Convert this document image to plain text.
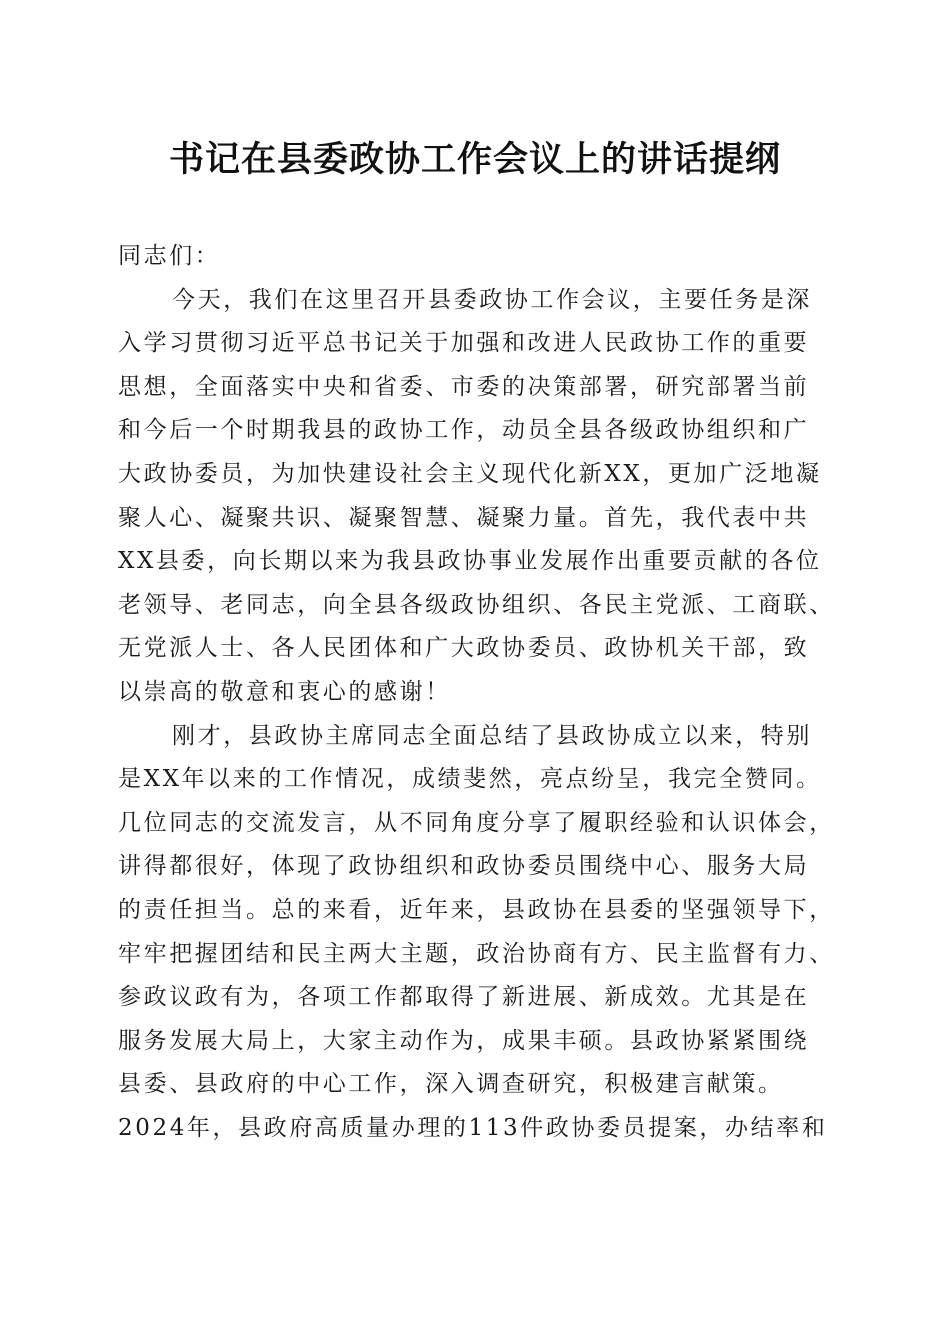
书记在县委政协工作会议上的讲话提纲
同志们：
今天，我们在这里召开县委政协工作会议，主要任务是深
入学习贯彻习近平总书记关于加强和改进人民政协工作的重要
思想，全面落实中央和省委、市委的决策部署，研究部署当前
和今后一个时期我县的政协工作，动员全县各级政协组织和广
大政协委员，为加快建设社会主义现代化新XX，更加广泛地凝
聚人心、凝聚共识、凝聚智慧、凝聚力量。首先，我代表中共
XX县委，向长期以来为我县政协事业发展作出重要贡献的各位
老领导、老同志，向全县各级政协组织、各民主党派、工商联、
无党派人士、各人民团体和广大政协委员、政协机关干部，致
以崇高的敬意和衷心的感谢！
刚才，县政协主席同志全面总结了县政协成立以来，特别
是XX年以来的工作情况，成绩斐然，亮点纷呈，我完全赞同。
几位同志的交流发言，从不同角度分享了履职经验和认识体会，
讲得都很好，体现了政协组织和政协委员围绕中心、服务大局
的责任担当。总的来看，近年来，县政协在县委的坚强领导下，
牢牢把握团结和民主两大主题，政治协商有方、民主监督有力、
参政议政有为，各项工作都取得了新进展、新成效。尤其是在
服务发展大局上，大家主动作为，成果丰硕。县政协紧紧围绕
县委、县政府的中心工作，深入调查研究，积极建言献策。
2024年，县政府高质量办理的113件政协委员提案，办结率和
